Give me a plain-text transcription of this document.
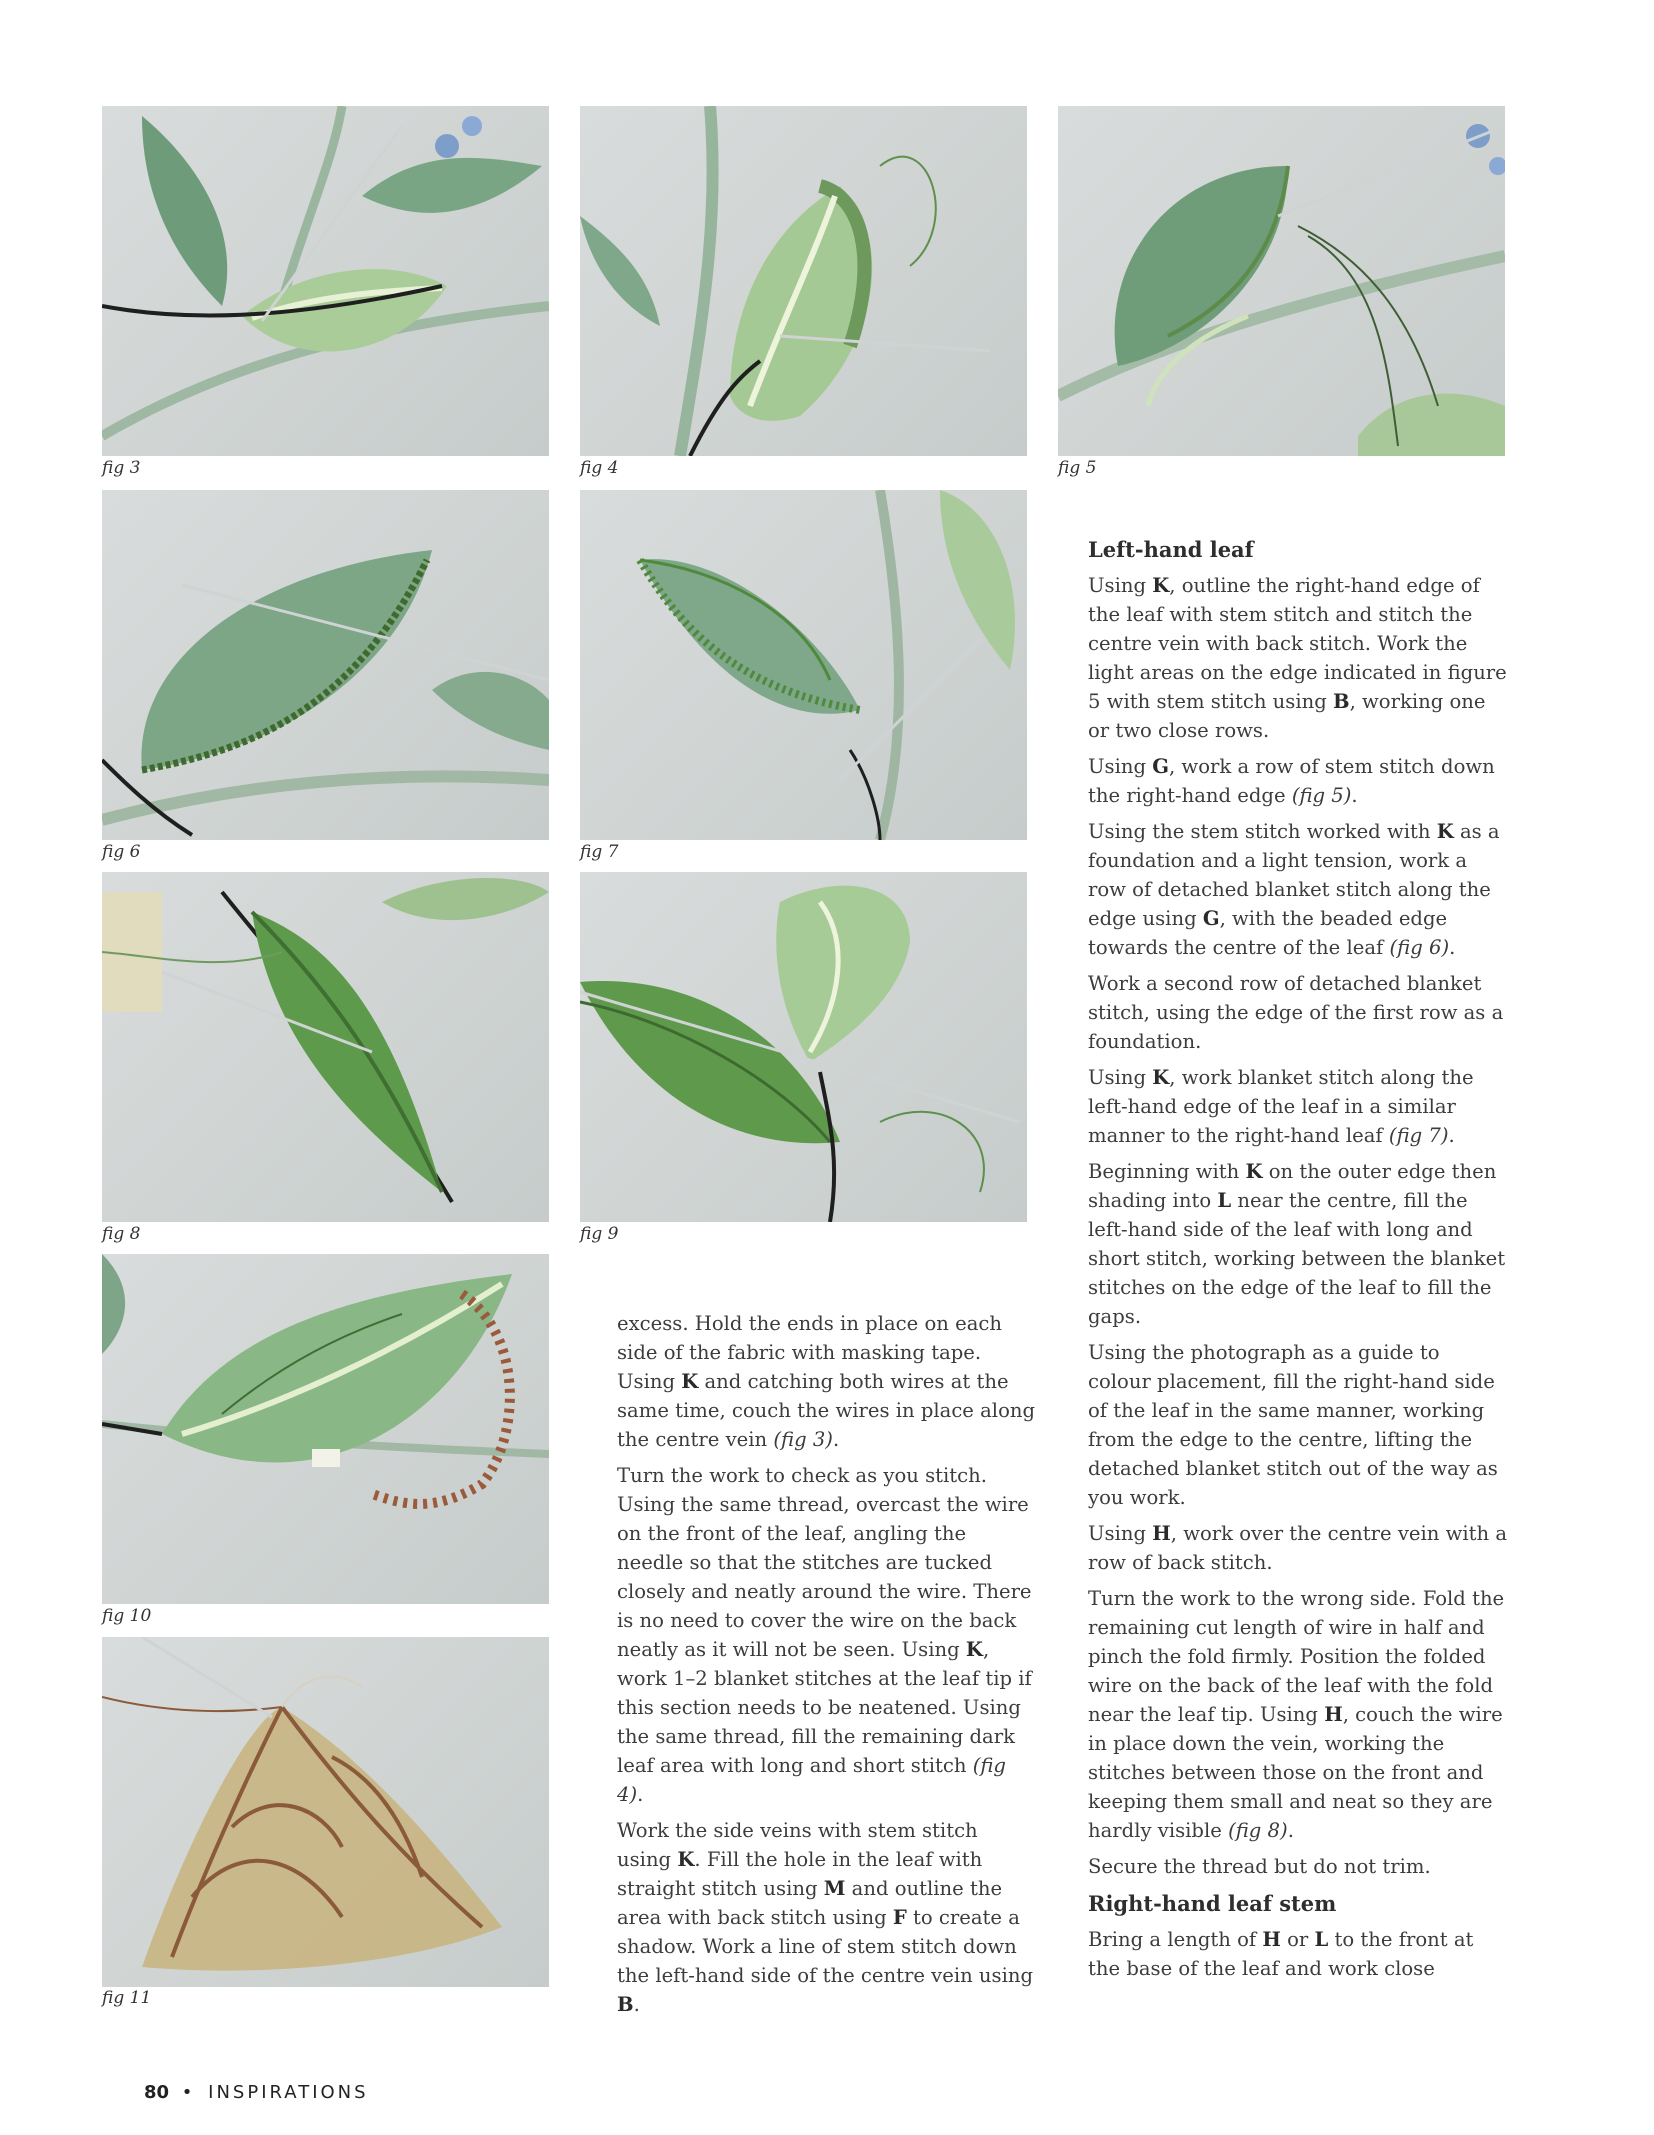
fig 3	fig 4	fig 5
fig 6	fig 7
fig 8	fig 9
fig 10
fig 11

excess. Hold the ends in place on each side of the fabric with masking tape. Using K and catching both wires at the same time, couch the wires in place along the centre vein (fig 3).

Turn the work to check as you stitch. Using the same thread, overcast the wire on the front of the leaf, angling the needle so that the stitches are tucked closely and neatly around the wire. There is no need to cover the wire on the back neatly as it will not be seen. Using K, work 1–2 blanket stitches at the leaf tip if this section needs to be neatened. Using the same thread, fill the remaining dark leaf area with long and short stitch (fig 4).

Work the side veins with stem stitch using K. Fill the hole in the leaf with straight stitch using M and outline the area with back stitch using F to create a shadow. Work a line of stem stitch down the left-hand side of the centre vein using B.

Left-hand leaf

Using K, outline the right-hand edge of the leaf with stem stitch and stitch the centre vein with back stitch. Work the light areas on the edge indicated in figure 5 with stem stitch using B, working one or two close rows.

Using G, work a row of stem stitch down the right-hand edge (fig 5).

Using the stem stitch worked with K as a foundation and a light tension, work a row of detached blanket stitch along the edge using G, with the beaded edge towards the centre of the leaf (fig 6).

Work a second row of detached blanket stitch, using the edge of the first row as a foundation.

Using K, work blanket stitch along the left-hand edge of the leaf in a similar manner to the right-hand leaf (fig 7).

Beginning with K on the outer edge then shading into L near the centre, fill the left-hand side of the leaf with long and short stitch, working between the blanket stitches on the edge of the leaf to fill the gaps.

Using the photograph as a guide to colour placement, fill the right-hand side of the leaf in the same manner, working from the edge to the centre, lifting the detached blanket stitch out of the way as you work.

Using H, work over the centre vein with a row of back stitch.

Turn the work to the wrong side. Fold the remaining cut length of wire in half and pinch the fold firmly. Position the folded wire on the back of the leaf with the fold near the leaf tip. Using H, couch the wire in place down the vein, working the stitches between those on the front and keeping them small and neat so they are hardly visible (fig 8).

Secure the thread but do not trim.

Right-hand leaf stem

Bring a length of H or L to the front at the base of the leaf and work close

80 • INSPIRATIONS
